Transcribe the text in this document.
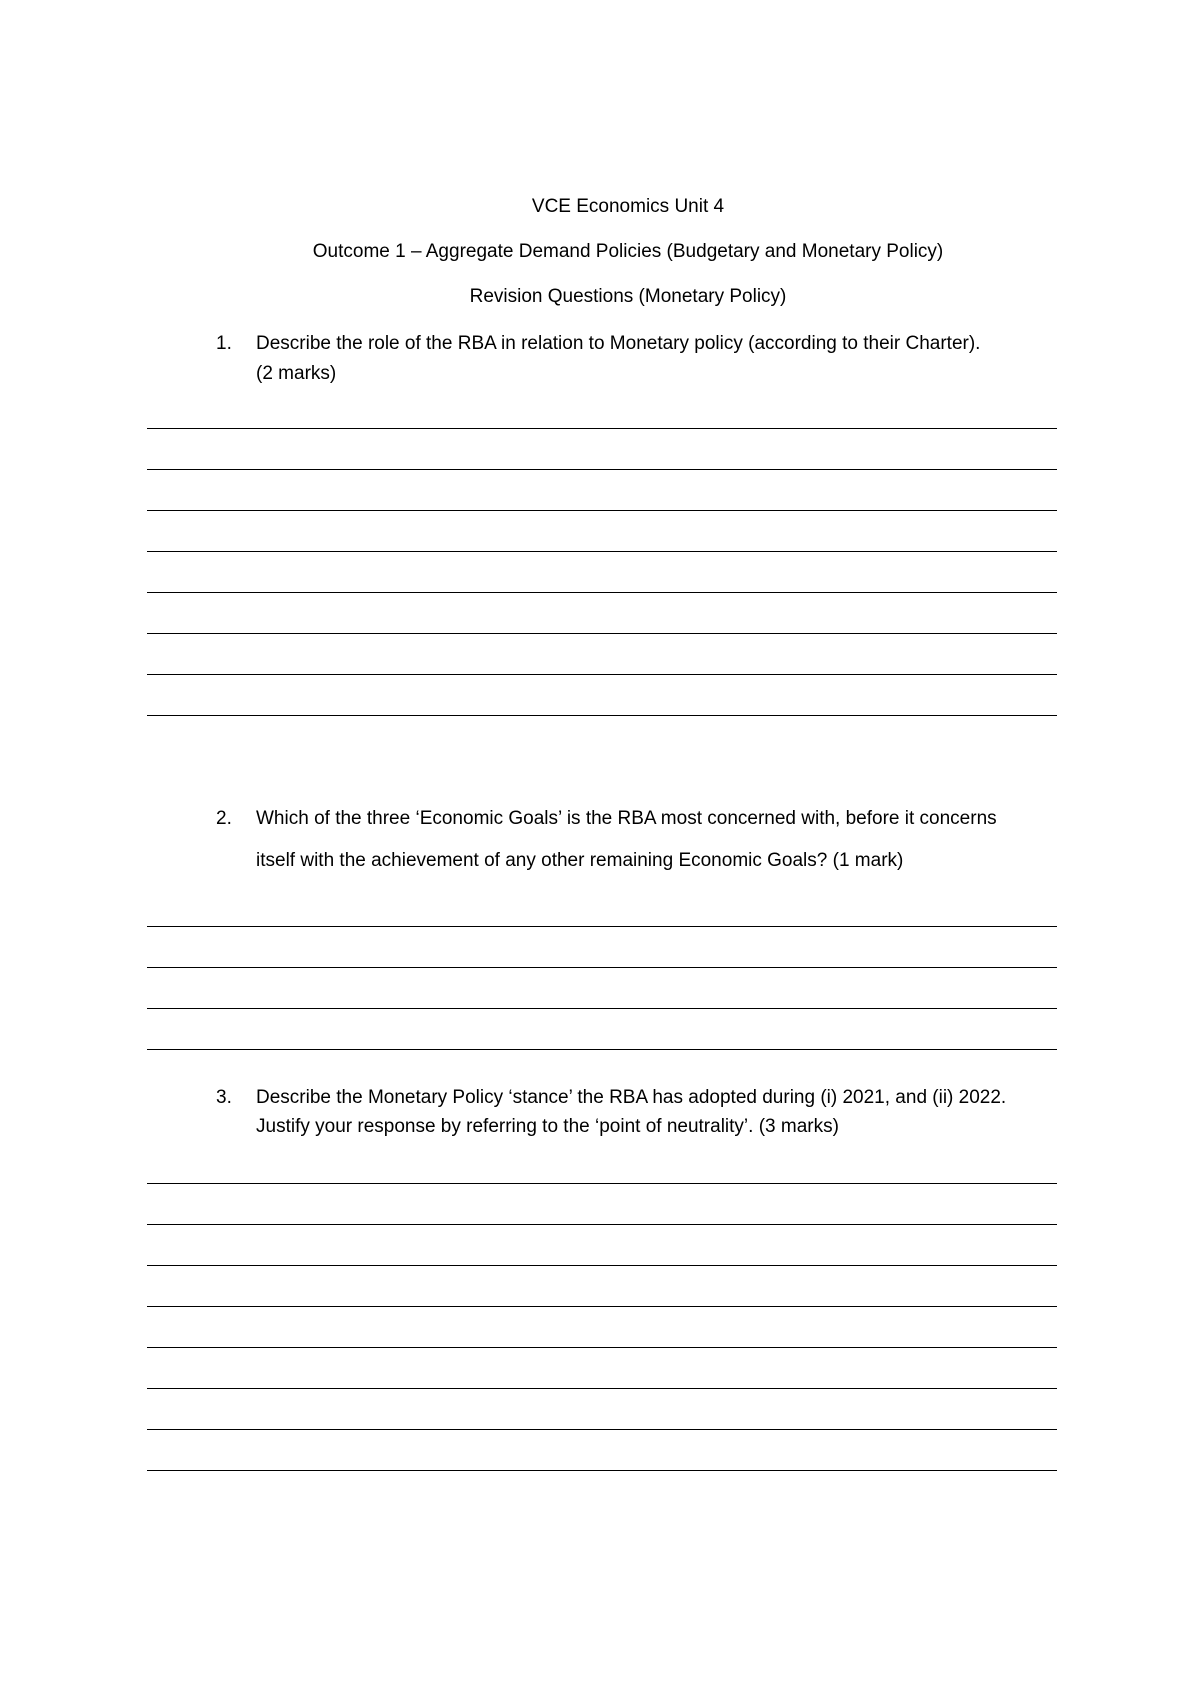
VCE Economics Unit 4
Outcome 1 – Aggregate Demand Policies (Budgetary and Monetary Policy)
Revision Questions (Monetary Policy)
1. Describe the role of the RBA in relation to Monetary policy (according to their Charter).
(2 marks)
2. Which of the three ‘Economic Goals’ is the RBA most concerned with, before it concerns
itself with the achievement of any other remaining Economic Goals? (1 mark)
3. Describe the Monetary Policy ‘stance’ the RBA has adopted during (i) 2021, and (ii) 2022.
Justify your response by referring to the ‘point of neutrality’. (3 marks)
